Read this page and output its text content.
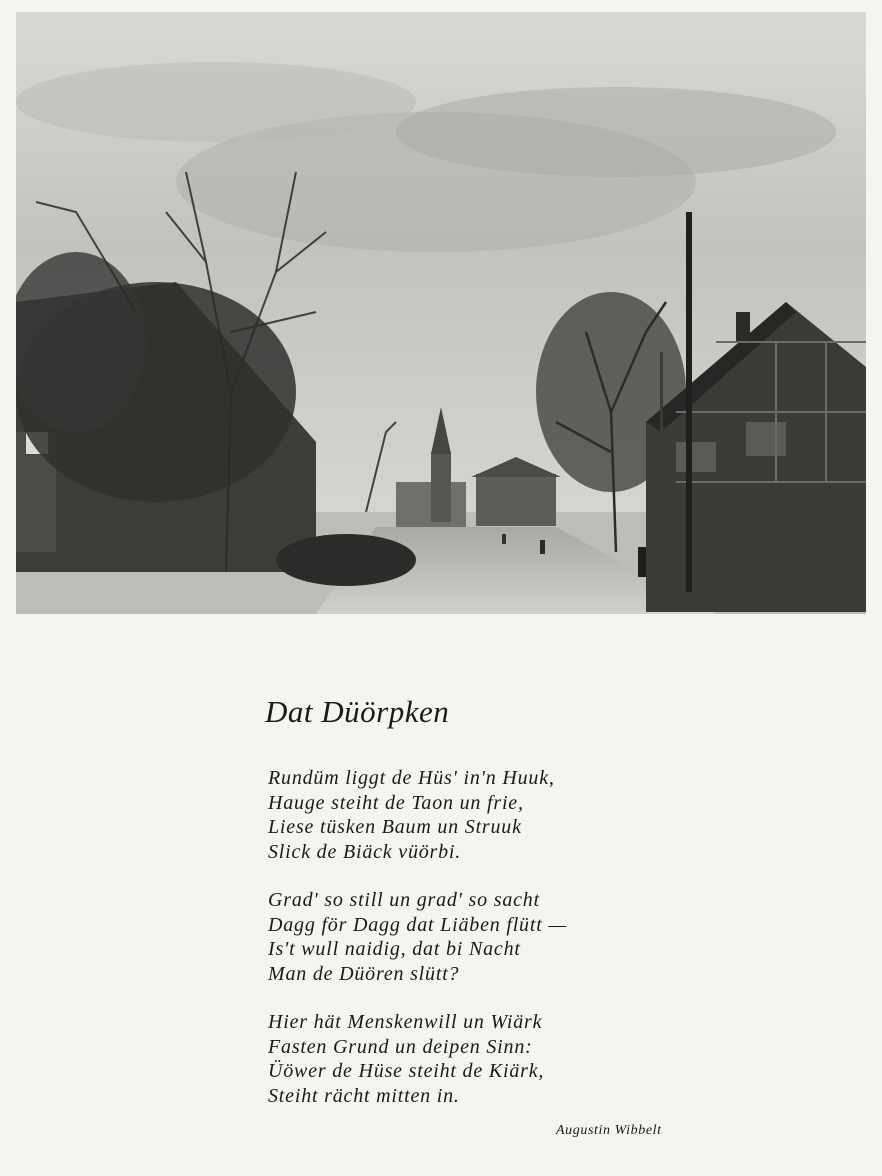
Dat Düörpken
Rundüm liggt de Hüs' in'n Huuk,
Hauge steiht de Taon un frie,
Liese tüsken Baum un Struuk
Slick de Biäck vüörbi.
Grad' so still un grad' so sacht
Dagg för Dagg dat Liäben flütt —
Is't wull naidig, dat bi Nacht
Man de Düören slütt?
Hier hät Menskenwill un Wiärk
Fasten Grund un deipen Sinn:
Üöwer de Hüse steiht de Kiärk,
Steiht rächt mitten in.
Augustin Wibbelt
